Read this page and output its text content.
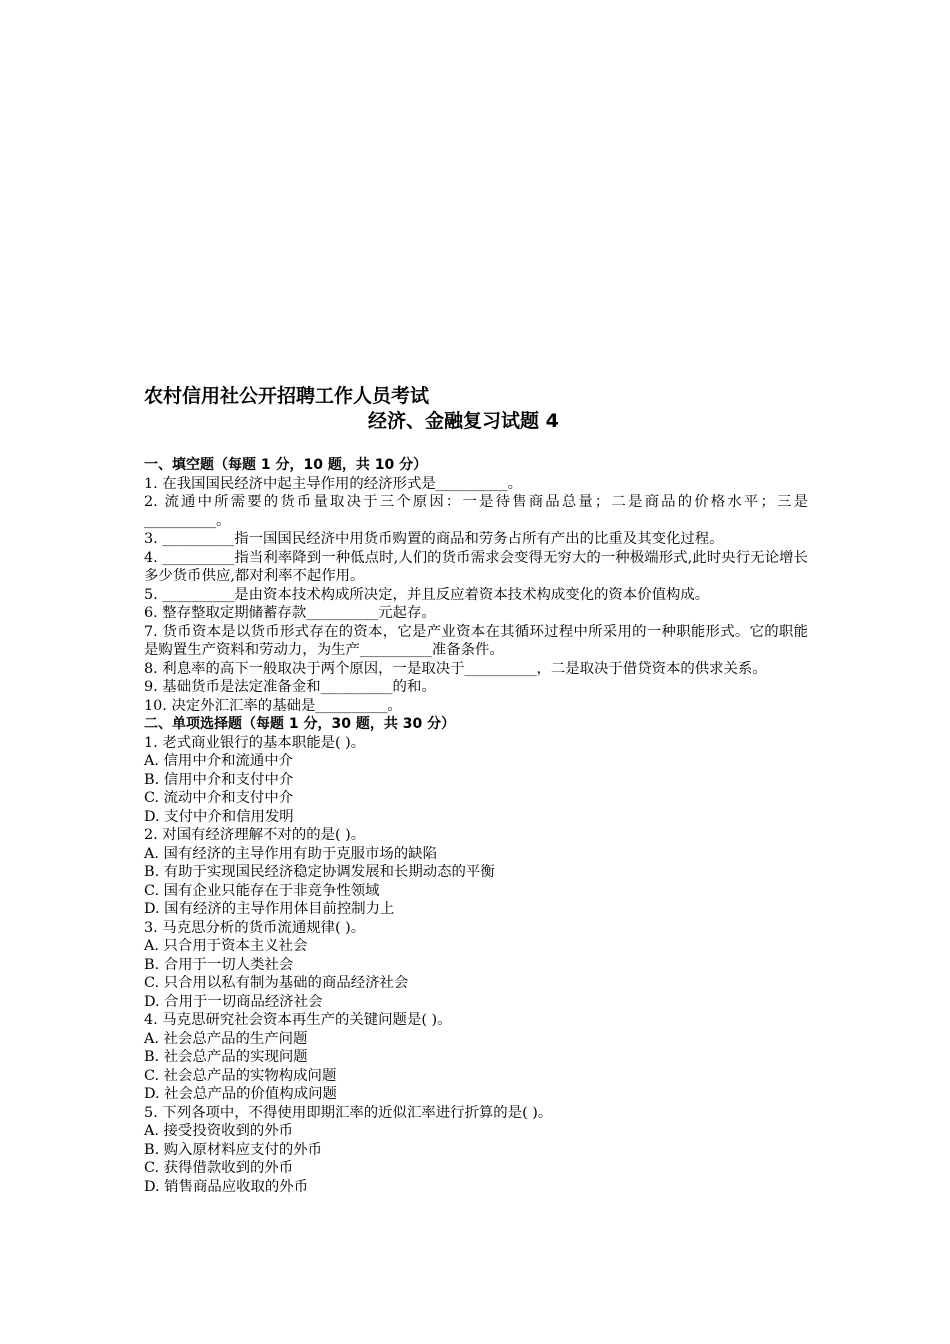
农村信用社公开招聘工作人员考试
经济、金融复习试题 4
一、填空题（每题 1 分，10 题，共 10 分）
1. 在我国国民经济中起主导作用的经济形式是__________。
2. 流通中所需要的货币量取决于三个原因：一是待售商品总量；二是商品的价格水平；三是__________。
3. __________指一国国民经济中用货币购置的商品和劳务占所有产出的比重及其变化过程。
4. __________指当利率降到一种低点时,人们的货币需求会变得无穷大的一种极端形式,此时央行无论增长多少货币供应,都对利率不起作用。
5. __________是由资本技术构成所决定，并且反应着资本技术构成变化的资本价值构成。
6. 整存整取定期储蓄存款__________元起存。
7. 货币资本是以货币形式存在的资本，它是产业资本在其循环过程中所采用的一种职能形式。它的职能是购置生产资料和劳动力，为生产__________准备条件。
8. 利息率的高下一般取决于两个原因，一是取决于__________，二是取决于借贷资本的供求关系。
9. 基础货币是法定准备金和__________的和。
10. 决定外汇汇率的基础是__________。
二、单项选择题（每题 1 分，30 题，共 30 分）
1. 老式商业银行的基本职能是( )。
A. 信用中介和流通中介
B. 信用中介和支付中介
C. 流动中介和支付中介
D. 支付中介和信用发明
2. 对国有经济理解不对的的是( )。
A. 国有经济的主导作用有助于克服市场的缺陷
B. 有助于实现国民经济稳定协调发展和长期动态的平衡
C. 国有企业只能存在于非竞争性领域
D. 国有经济的主导作用体目前控制力上
3. 马克思分析的货币流通规律( )。
A. 只合用于资本主义社会
B. 合用于一切人类社会
C. 只合用以私有制为基础的商品经济社会
D. 合用于一切商品经济社会
4. 马克思研究社会资本再生产的关键问题是( )。
A. 社会总产品的生产问题
B. 社会总产品的实现问题
C. 社会总产品的实物构成问题
D. 社会总产品的价值构成问题
5. 下列各项中，不得使用即期汇率的近似汇率进行折算的是( )。
A. 接受投资收到的外币
B. 购入原材料应支付的外币
C. 获得借款收到的外币
D. 销售商品应收取的外币
